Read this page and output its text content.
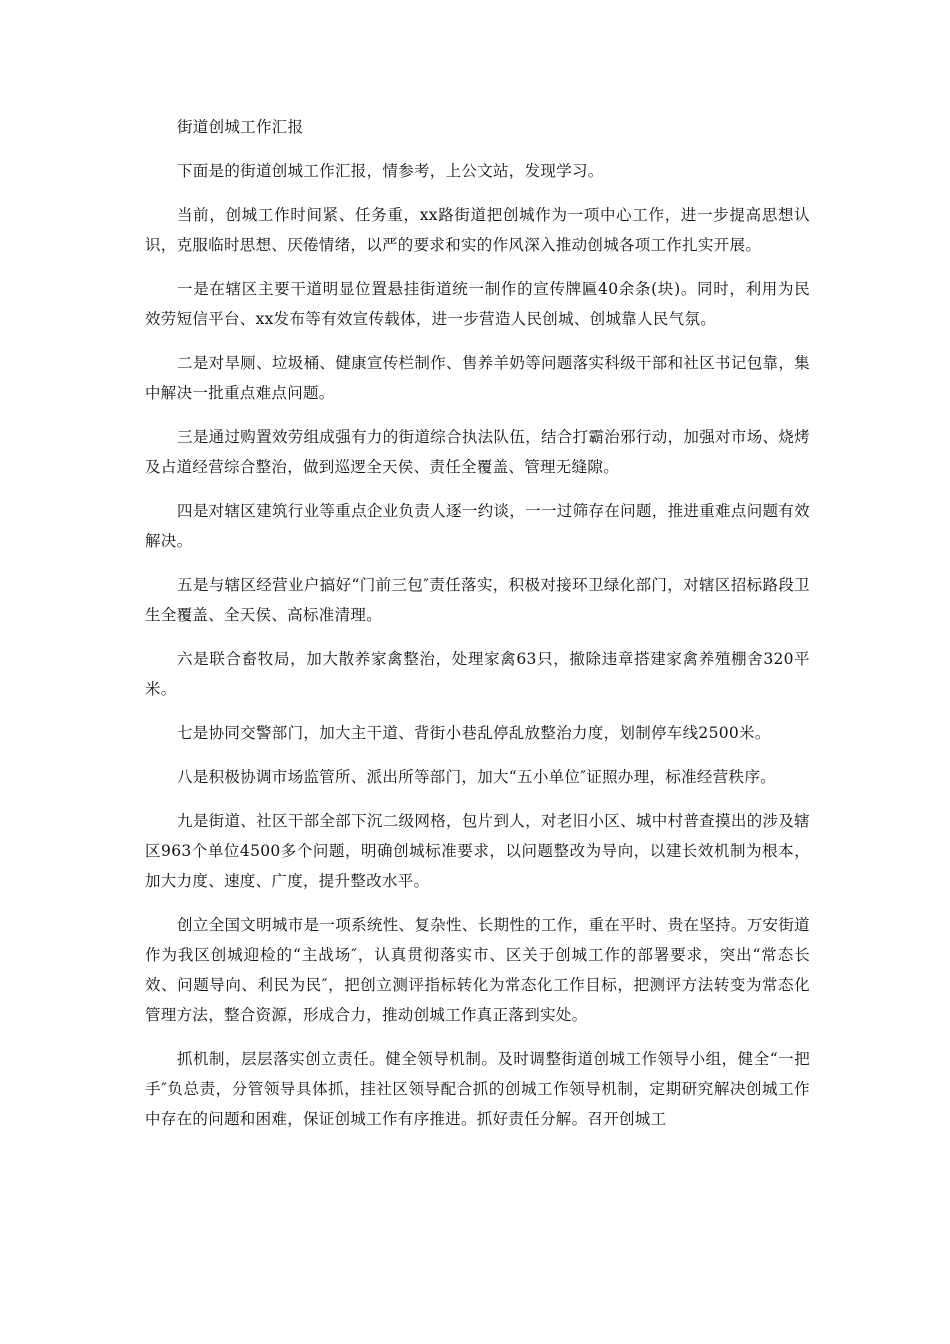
街道创城工作汇报

下面是的街道创城工作汇报，情参考，上公文站，发现学习。

当前，创城工作时间紧、任务重，xx路街道把创城作为一项中心工作，进一步提高思想认识，克服临时思想、厌倦情绪，以严的要求和实的作风深入推动创城各项工作扎实开展。

一是在辖区主要干道明显位置悬挂街道统一制作的宣传牌匾40余条(块)。同时，利用为民效劳短信平台、xx发布等有效宣传载体，进一步营造人民创城、创城靠人民气氛。

二是对旱厕、垃圾桶、健康宣传栏制作、售养羊奶等问题落实科级干部和社区书记包靠，集中解决一批重点难点问题。

三是通过购置效劳组成强有力的街道综合执法队伍，结合打霸治邪行动，加强对市场、烧烤及占道经营综合整治，做到巡逻全天侯、责任全覆盖、管理无缝隙。

四是对辖区建筑行业等重点企业负责人逐一约谈，一一过筛存在问题，推进重难点问题有效解决。

五是与辖区经营业户搞好“门前三包″责任落实，积极对接环卫绿化部门，对辖区招标路段卫生全覆盖、全天侯、高标准清理。

六是联合畜牧局，加大散养家禽整治，处理家禽63只，撤除违章搭建家禽养殖棚舍320平米。

七是协同交警部门，加大主干道、背街小巷乱停乱放整治力度，划制停车线2500米。

八是积极协调市场监管所、派出所等部门，加大“五小单位″证照办理，标准经营秩序。

九是街道、社区干部全部下沉二级网格，包片到人，对老旧小区、城中村普查摸出的涉及辖区963个单位4500多个问题，明确创城标准要求，以问题整改为导向，以建长效机制为根本，加大力度、速度、广度，提升整改水平。

创立全国文明城市是一项系统性、复杂性、长期性的工作，重在平时、贵在坚持。万安街道作为我区创城迎检的“主战场″，认真贯彻落实市、区关于创城工作的部署要求，突出“常态长效、问题导向、利民为民″，把创立测评指标转化为常态化工作目标，把测评方法转变为常态化管理方法，整合资源，形成合力，推动创城工作真正落到实处。

抓机制，层层落实创立责任。健全领导机制。及时调整街道创城工作领导小组，健全“一把手″负总责，分管领导具体抓，挂社区领导配合抓的创城工作领导机制，定期研究解决创城工作中存在的问题和困难，保证创城工作有序推进。抓好责任分解。召开创城工
